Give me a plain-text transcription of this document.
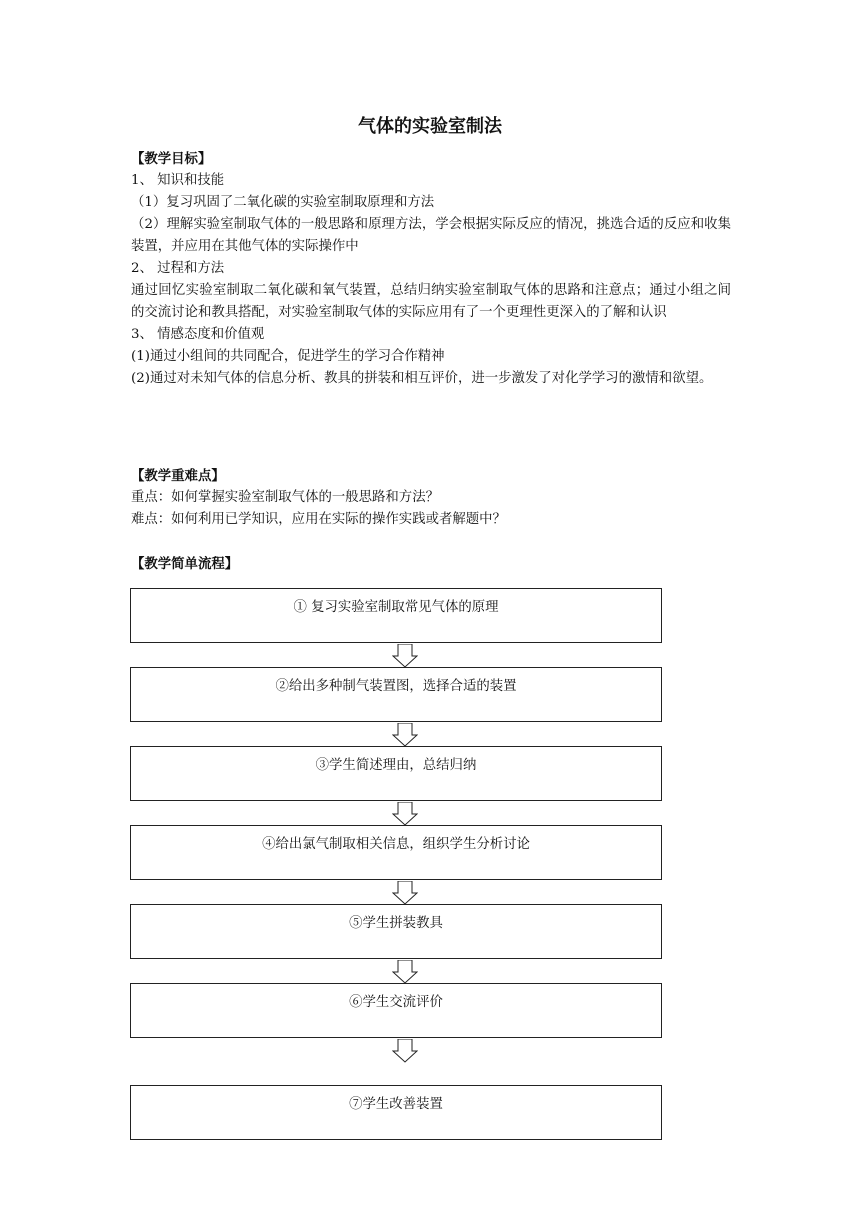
气体的实验室制法
【教学目标】
1、 知识和技能
（1）复习巩固了二氧化碳的实验室制取原理和方法
（2）理解实验室制取气体的一般思路和原理方法，学会根据实际反应的情况，挑选合适的反应和收集装置，并应用在其他气体的实际操作中
2、 过程和方法
通过回忆实验室制取二氧化碳和氧气装置，总结归纳实验室制取气体的思路和注意点；通过小组之间的交流讨论和教具搭配，对实验室制取气体的实际应用有了一个更理性更深入的了解和认识
3、 情感态度和价值观
(1)通过小组间的共同配合，促进学生的学习合作精神
(2)通过对未知气体的信息分析、教具的拼装和相互评价，进一步激发了对化学学习的激情和欲望。
【教学重难点】
重点：如何掌握实验室制取气体的一般思路和方法？
难点：如何利用已学知识，应用在实际的操作实践或者解题中？
【教学简单流程】
① 复习实验室制取常见气体的原理
②给出多种制气装置图，选择合适的装置
③学生简述理由，总结归纳
④给出氯气制取相关信息，组织学生分析讨论
⑤学生拼装教具
⑥学生交流评价
⑦学生改善装置
